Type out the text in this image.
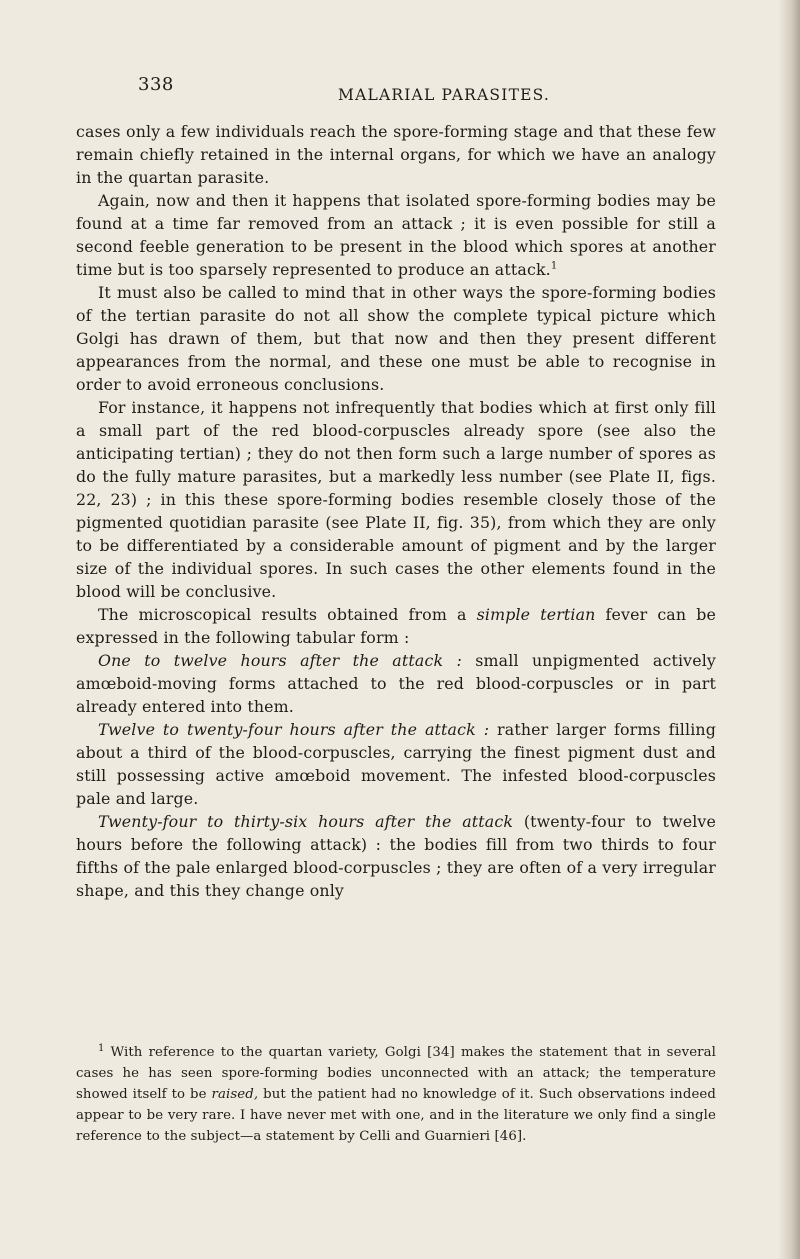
338	MALARIAL PARASITES.

cases only a few individuals reach the spore-forming stage and that these few remain chiefly retained in the internal organs, for which we have an analogy in the quartan parasite.

Again, now and then it happens that isolated spore-forming bodies may be found at a time far removed from an attack ; it is even possible for still a second feeble generation to be present in the blood which spores at another time but is too sparsely represented to produce an attack.$^1$

It must also be called to mind that in other ways the spore-forming bodies of the tertian parasite do not all show the complete typical picture which Golgi has drawn of them, but that now and then they present different appearances from the normal, and these one must be able to recognise in order to avoid erroneous conclusions.

For instance, it happens not infrequently that bodies which at first only fill a small part of the red blood-corpuscles already spore (see also the anticipating tertian) ; they do not then form such a large number of spores as do the fully mature parasites, but a markedly less number (see Plate II, figs. 22, 23) ; in this these spore-forming bodies resemble closely those of the pigmented quotidian parasite (see Plate II, fig. 35), from which they are only to be differentiated by a considerable amount of pigment and by the larger size of the individual spores. In such cases the other elements found in the blood will be conclusive.

The microscopical results obtained from a simple tertian fever can be expressed in the following tabular form :

One to twelve hours after the attack : small unpigmented actively amœboid-moving forms attached to the red blood-corpuscles or in part already entered into them.

Twelve to twenty-four hours after the attack : rather larger forms filling about a third of the blood-corpuscles, carrying the finest pigment dust and still possessing active amœboid movement. The infested blood-corpuscles pale and large.

Twenty-four to thirty-six hours after the attack (twenty-four to twelve hours before the following attack) : the bodies fill from two thirds to four fifths of the pale enlarged blood-corpuscles ; they are often of a very irregular shape, and this they change only

$^1$ With reference to the quartan variety, Golgi [34] makes the statement that in several cases he has seen spore-forming bodies unconnected with an attack; the temperature showed itself to be raised, but the patient had no knowledge of it. Such observations indeed appear to be very rare. I have never met with one, and in the literature we only find a single reference to the subject—a statement by Celli and Guarnieri [46].
